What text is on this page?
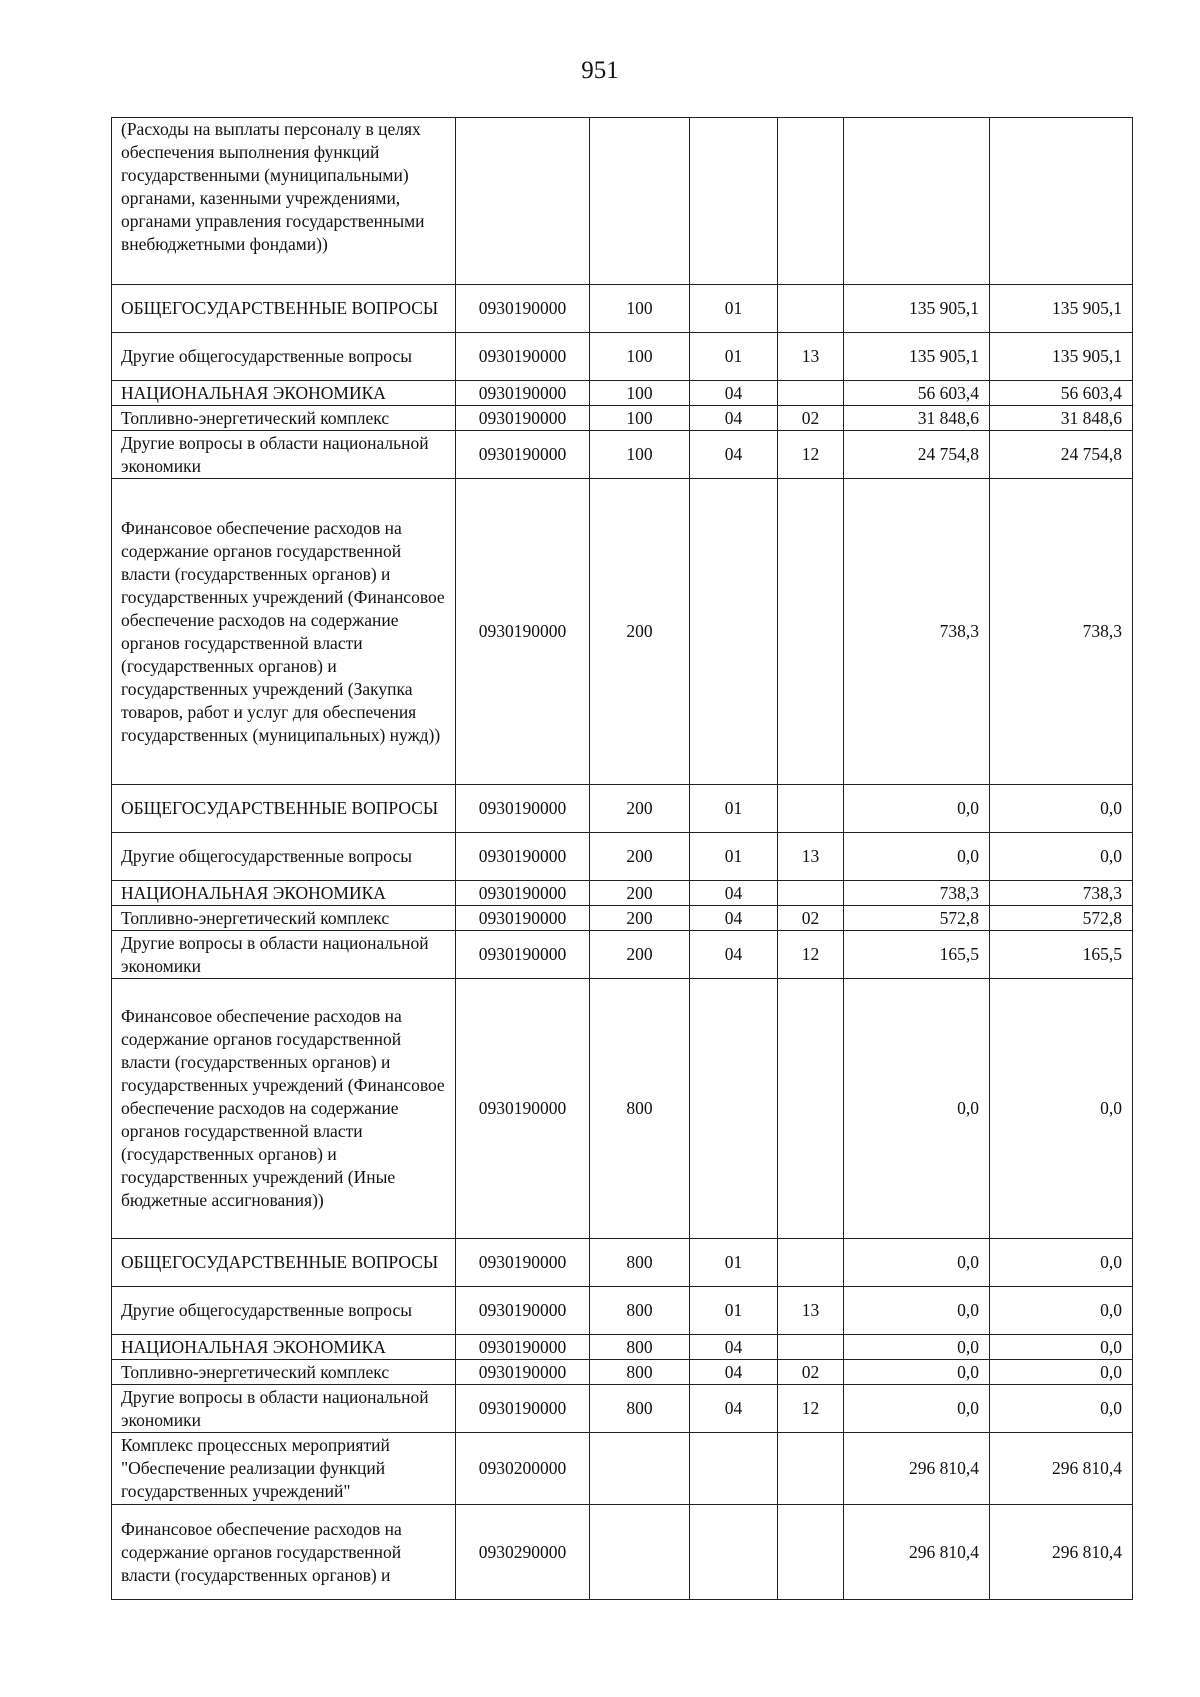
951
(Расходы на выплаты персоналу в целях обеспечения выполнения функций государственными (муниципальными) органами, казенными учреждениями, органами управления государственными внебюджетными фондами))						
ОБЩЕГОСУДАРСТВЕННЫЕ ВОПРОСЫ	0930190000	100	01		135 905,1	135 905,1
Другие общегосударственные вопросы	0930190000	100	01	13	135 905,1	135 905,1
НАЦИОНАЛЬНАЯ ЭКОНОМИКА	0930190000	100	04		56 603,4	56 603,4
Топливно-энергетический комплекс	0930190000	100	04	02	31 848,6	31 848,6
Другие вопросы в области национальной экономики	0930190000	100	04	12	24 754,8	24 754,8
Финансовое обеспечение расходов на содержание органов государственной власти (государственных органов) и государственных учреждений (Финансовое обеспечение расходов на содержание органов государственной власти (государственных органов) и государственных учреждений (Закупка товаров, работ и услуг для обеспечения государственных (муниципальных) нужд))	0930190000	200			738,3	738,3
ОБЩЕГОСУДАРСТВЕННЫЕ ВОПРОСЫ	0930190000	200	01		0,0	0,0
Другие общегосударственные вопросы	0930190000	200	01	13	0,0	0,0
НАЦИОНАЛЬНАЯ ЭКОНОМИКА	0930190000	200	04		738,3	738,3
Топливно-энергетический комплекс	0930190000	200	04	02	572,8	572,8
Другие вопросы в области национальной экономики	0930190000	200	04	12	165,5	165,5
Финансовое обеспечение расходов на содержание органов государственной власти (государственных органов) и государственных учреждений (Финансовое обеспечение расходов на содержание органов государственной власти (государственных органов) и государственных учреждений (Иные бюджетные ассигнования))	0930190000	800			0,0	0,0
ОБЩЕГОСУДАРСТВЕННЫЕ ВОПРОСЫ	0930190000	800	01		0,0	0,0
Другие общегосударственные вопросы	0930190000	800	01	13	0,0	0,0
НАЦИОНАЛЬНАЯ ЭКОНОМИКА	0930190000	800	04		0,0	0,0
Топливно-энергетический комплекс	0930190000	800	04	02	0,0	0,0
Другие вопросы в области национальной экономики	0930190000	800	04	12	0,0	0,0
Комплекс процессных мероприятий "Обеспечение реализации функций государственных учреждений"	0930200000				296 810,4	296 810,4
Финансовое обеспечение расходов на содержание органов государственной власти (государственных органов) и	0930290000				296 810,4	296 810,4
